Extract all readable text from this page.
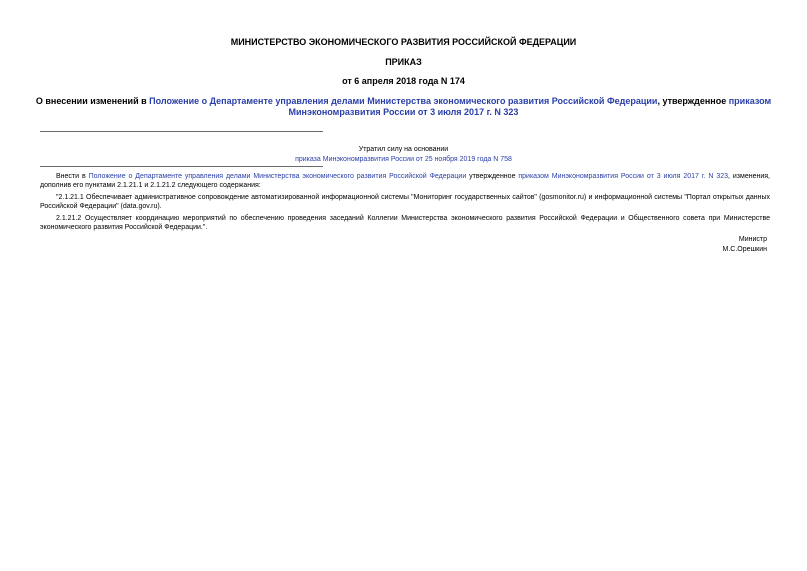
МИНИСТЕРСТВО ЭКОНОМИЧЕСКОГО РАЗВИТИЯ РОССИЙСКОЙ ФЕДЕРАЦИИ
ПРИКАЗ
от 6 апреля 2018 года N 174
О внесении изменений в Положение о Департаменте управления делами Министерства экономического развития Российской Федерации, утвержденное приказом Минэкономразвития России от 3 июля 2017 г. N 323
Утратил силу на основании
приказа Минэкономразвития России от 25 ноября 2019 года N 758
Внести в Положение о Департаменте управления делами Министерства экономического развития Российской Федерации утвержденное приказом Минэкономразвития России от 3 июля 2017 г. N 323, изменения, дополнив его пунктами 2.1.21.1 и 2.1.21.2 следующего содержания:
"2.1.21.1 Обеспечивает административное сопровождение автоматизированной информационной системы "Мониторинг государственных сайтов" (gosmonitor.ru) и информационной системы "Портал открытых данных Российской Федерации" (data.gov.ru).
2.1.21.2 Осуществляет координацию мероприятий по обеспечению проведения заседаний Коллегии Министерства экономического развития Российской Федерации и Общественного совета при Министерстве экономического развития Российской Федерации.".
Министр
М.С.Орешкин
